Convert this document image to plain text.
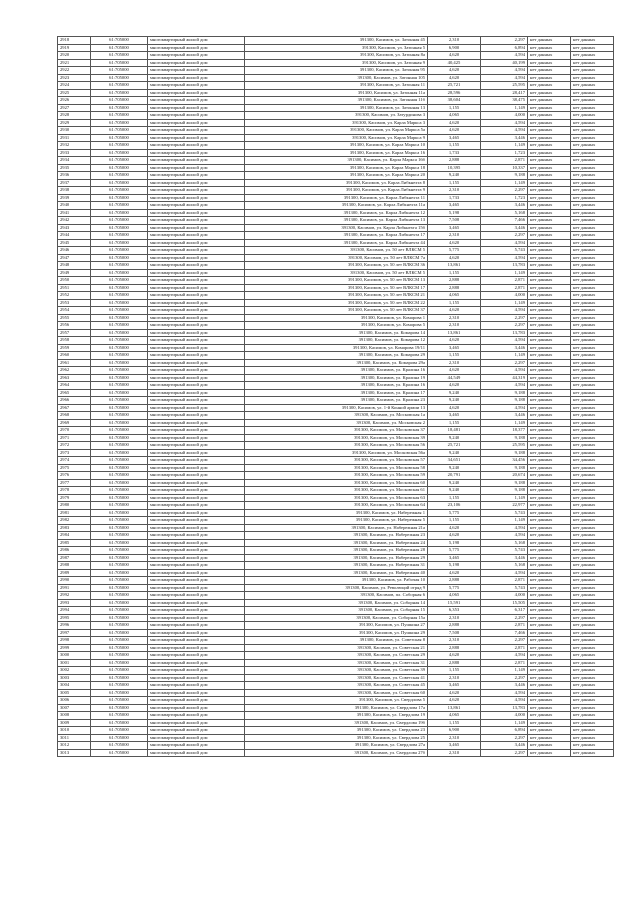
2918	61:705000	многоквартирный жилой дом	391300, Касимов, ул. Затонная 45	2,310	2,297	нет данных	нет данных
2919	61:705000	многоквартирный жилой дом	391300, Касимов, ул. Затонная 5	6,900	6,894	нет данных	нет данных
2920	61:705000	многоквартирный жилой дом	391300, Касимов, ул. Затонная 8а	4,620	4,594	нет данных	нет данных
2921	61:705000	многоквартирный жилой дом	391300, Касимов, ул. Затонная 9	40,425	40,199	нет данных	нет данных
2922	61:705000	многоквартирный жилой дом	391300, Касимов, ул. Затонная 95	4,620	4,594	нет данных	нет данных
2923	61:705000	многоквартирный жилой дом	391300, Касимов, ул. Затонная 105	4,620	4,594	нет данных	нет данных
2924	61:705000	многоквартирный жилой дом	391300, Касимов, ул. Затонная 11	25,721	25,595	нет данных	нет данных
2925	61:705000	многоквартирный жилой дом	391300, Касимов, ул. Затонная 11а	28,596	28,417	нет данных	нет данных
2926	61:705000	многоквартирный жилой дом	391300, Касимов, ул. Затонная 11б	38,604	38,475	нет данных	нет данных
2927	61:705000	многоквартирный жилой дом	391300, Касимов, ул. Затонная 13	1,155	1,149	нет данных	нет данных
2928	61:705000	многоквартирный жилой дом	391300, Касимов, ул. Затурдинова 3	4,065	4,000	нет данных	нет данных
2929	61:705000	многоквартирный жилой дом	391300, Касимов, ул. Карла Маркса 3	4,620	4,594	нет данных	нет данных
2930	61:705000	многоквартирный жилой дом	391300, Касимов, ул. Карла Маркса 5а	4,620	4,594	нет данных	нет данных
2931	61:705000	многоквартирный жилой дом	391300, Касимов, ул. Карла Маркса 9	3,465	3,446	нет данных	нет данных
2932	61:705000	многоквартирный жилой дом	391300, Касимов, ул. Карла Маркса 10	1,155	1,149	нет данных	нет данных
2933	61:705000	многоквартирный жилой дом	391300, Касимов, ул. Карла Маркса 16	1,733	1,723	нет данных	нет данных
2934	61:705000	многоквартирный жилой дом	391300, Касимов, ул. Карла Маркса 16б	2,888	2,871	нет данных	нет данных
2935	61:705000	многоквартирный жилой дом	391300, Касимов, ул. Карла Маркса 18	10,395	10,337	нет данных	нет данных
2936	61:705000	многоквартирный жилой дом	391300, Касимов, ул. Карла Маркса 20	9,240	9,188	нет данных	нет данных
2937	61:705000	многоквартирный жилой дом	391300, Касимов, ул. Карла Либкнехта 8	1,155	1,149	нет данных	нет данных
2938	61:705000	многоквартирный жилой дом	391300, Касимов, ул. Карла Либкнехта 9	2,310	2,297	нет данных	нет данных
2939	61:705000	многоквартирный жилой дом	391300, Касимов, ул. Карла Либкнехта 11	1,733	1,723	нет данных	нет данных
2940	61:705000	многоквартирный жилой дом	391300, Касимов, ул. Карла Либкнехта 11а	3,465	3,446	нет данных	нет данных
2941	61:705000	многоквартирный жилой дом	391300, Касимов, ул. Карла Либкнехта 12	5,198	5,168	нет данных	нет данных
2942	61:705000	многоквартирный жилой дом	391300, Касимов, ул. Карла Либкнехта 13	7,508	7,466	нет данных	нет данных
2943	61:705000	многоквартирный жилой дом	391300, Касимов, ул. Карла Либкнехта 15б	3,465	3,446	нет данных	нет данных
2944	61:705000	многоквартирный жилой дом	391300, Касимов, ул. Карла Либкнехта 17	2,310	2,297	нет данных	нет данных
2945	61:705000	многоквартирный жилой дом	391300, Касимов, ул. Карла Либкнехта 44	4,620	4,594	нет данных	нет данных
2946	61:705000	многоквартирный жилой дом	391300, Касимов, ул. 50 лет ВЛКСМ 5	5,775	5,743	нет данных	нет данных
2947	61:705000	многоквартирный жилой дом	391300, Касимов, ул. 50 лет ВЛКСМ 7а	4,620	4,594	нет данных	нет данных
2948	61:705000	многоквартирный жилой дом	391300, Касимов, ул. 50 лет ВЛКСМ 36	13,861	13,783	нет данных	нет данных
2949	61:705000	многоквартирный жилой дом	391300, Касимов, ул. 50 лет ВЛКСМ 5	1,155	1,149	нет данных	нет данных
2950	61:705000	многоквартирный жилой дом	391300, Касимов, ул. 50 лет ВЛКСМ 13	2,888	2,871	нет данных	нет данных
2951	61:705000	многоквартирный жилой дом	391300, Касимов, ул. 50 лет ВЛКСМ 17	2,888	2,871	нет данных	нет данных
2952	61:705000	многоквартирный жилой дом	391300, Касимов, ул. 50 лет ВЛКСМ 21	4,065	4,000	нет данных	нет данных
2953	61:705000	многоквартирный жилой дом	391300, Касимов, ул. 50 лет ВЛКСМ 22	1,155	1,149	нет данных	нет данных
2954	61:705000	многоквартирный жилой дом	391300, Касимов, ул. 50 лет ВЛКСМ 37	4,620	4,594	нет данных	нет данных
2955	61:705000	многоквартирный жилой дом	391300, Касимов, ул. Комарова 1	2,310	2,297	нет данных	нет данных
2956	61:705000	многоквартирный жилой дом	391300, Касимов, ул. Комарова 5	2,310	2,297	нет данных	нет данных
2957	61:705000	многоквартирный жилой дом	391300, Касимов, ул. Комарова 14	13,861	13,783	нет данных	нет данных
2958	61:705000	многоквартирный жилой дом	391300, Касимов, ул. Комарова 12	4,620	4,594	нет данных	нет данных
2959	61:705000	многоквартирный жилой дом	391300, Касимов, ул. Комарова 19/11	3,465	3,446	нет данных	нет данных
2960	61:705000	многоквартирный жилой дом	391300, Касимов, ул. Комарова 29	1,155	1,149	нет данных	нет данных
2961	61:705000	многоквартирный жилой дом	391300, Касимов, ул. Комарова 29а	2,310	2,297	нет данных	нет данных
2962	61:705000	многоквартирный жилой дом	391300, Касимов, ул. Кралина 16	4,620	4,594	нет данных	нет данных
2963	61:705000	многоквартирный жилой дом	391300, Касимов, ул. Кралина 19	44,549	44,319	нет данных	нет данных
2964	61:705000	многоквартирный жилой дом	391300, Касимов, ул. Кралина 16	4,620	4,594	нет данных	нет данных
2965	61:705000	многоквартирный жилой дом	391300, Касимов, ул. Кралина 17	9,240	9,188	нет данных	нет данных
2966	61:705000	многоквартирный жилой дом	391300, Касимов, ул. Кралина 23	9,240	9,188	нет данных	нет данных
2967	61:705000	многоквартирный жилой дом	391300, Касимов, ул. 1-й Конной армии 13	4,620	4,594	нет данных	нет данных
2968	61:705000	многоквартирный жилой дом	391300, Касимов, ул. Московская 1а	3,465	3,446	нет данных	нет данных
2969	61:705000	многоквартирный жилой дом	391300, Касимов, ул. Московская 2	1,155	1,149	нет данных	нет данных
2970	61:705000	многоквартирный жилой дом	391300, Касимов, ул. Московская 37	18,481	18,377	нет данных	нет данных
2971	61:705000	многоквартирный жилой дом	391300, Касимов, ул. Московская 39	9,240	9,188	нет данных	нет данных
2972	61:705000	многоквартирный жилой дом	391300, Касимов, ул. Московская 56	25,721	25,595	нет данных	нет данных
2973	61:705000	многоквартирный жилой дом	391300, Касимов, ул. Московская 56а	9,240	9,188	нет данных	нет данных
2974	61:705000	многоквартирный жилой дом	391300, Касимов, ул. Московская 57	34,651	34,456	нет данных	нет данных
2975	61:705000	многоквартирный жилой дом	391300, Касимов, ул. Московская 58	9,240	9,188	нет данных	нет данных
2976	61:705000	многоквартирный жилой дом	391300, Касимов, ул. Московская 59	20,791	20,674	нет данных	нет данных
2977	61:705000	многоквартирный жилой дом	391300, Касимов, ул. Московская 60	9,240	9,188	нет данных	нет данных
2978	61:705000	многоквартирный жилой дом	391300, Касимов, ул. Московская 61	9,240	9,188	нет данных	нет данных
2979	61:705000	многоквартирный жилой дом	391300, Касимов, ул. Московская 63	1,155	1,149	нет данных	нет данных
2980	61:705000	многоквартирный жилой дом	391300, Касимов, ул. Московская 64	23,106	22,977	нет данных	нет данных
2981	61:705000	многоквартирный жилой дом	391300, Касимов, ул. Набережная 1	5,775	5,743	нет данных	нет данных
2982	61:705000	многоквартирный жилой дом	391300, Касимов, ул. Набережная 5	1,155	1,149	нет данных	нет данных
2983	61:705000	многоквартирный жилой дом	391300, Касимов, ул. Набережная 21а	4,620	4,594	нет данных	нет данных
2984	61:705000	многоквартирный жилой дом	391300, Касимов, ул. Набережная 23	4,620	4,594	нет данных	нет данных
2985	61:705000	многоквартирный жилой дом	391300, Касимов, ул. Набережная 24	5,198	5,168	нет данных	нет данных
2986	61:705000	многоквартирный жилой дом	391300, Касимов, ул. Набережная 28	5,775	5,743	нет данных	нет данных
2987	61:705000	многоквартирный жилой дом	391300, Касимов, ул. Набережная 29	3,465	3,446	нет данных	нет данных
2988	61:705000	многоквартирный жилой дом	391300, Касимов, ул. Набережная 31	5,198	5,168	нет данных	нет данных
2989	61:705000	многоквартирный жилой дом	391300, Касимов, ул. Набережная 40	4,620	4,594	нет данных	нет данных
2990	61:705000	многоквартирный жилой дом	391300, Касимов, ул. Рабочая 10	2,888	2,871	нет данных	нет данных
2991	61:705000	многоквартирный жилой дом	391300, Касимов, ул. Революций отряд 9	5,775	5,743	нет данных	нет данных
2992	61:705000	многоквартирный жилой дом	391300, Касимов, пл. Соборная 6	4,065	4,000	нет данных	нет данных
2993	61:705000	многоквартирный жилой дом	391300, Касимов, ул. Соборная 14	15,591	15,505	нет данных	нет данных
2994	61:705000	многоквартирный жилой дом	391300, Касимов, ул. Соборная 15	6,353	6,317	нет данных	нет данных
2995	61:705000	многоквартирный жилой дом	391300, Касимов, ул. Соборная 15а	2,310	2,297	нет данных	нет данных
2996	61:705000	многоквартирный жилой дом	391300, Касимов, ул. Пушкина 27	2,888	2,871	нет данных	нет данных
2997	61:705000	многоквартирный жилой дом	391300, Касимов, ул. Пушкина 29	7,508	7,466	нет данных	нет данных
2998	61:705000	многоквартирный жилой дом	391300, Касимов, ул. Советская 8	2,310	2,297	нет данных	нет данных
2999	61:705000	многоквартирный жилой дом	391300, Касимов, ул. Советская 21	2,888	2,871	нет данных	нет данных
3000	61:705000	многоквартирный жилой дом	391300, Касимов, ул. Советская 29	4,620	4,594	нет данных	нет данных
3001	61:705000	многоквартирный жилой дом	391300, Касимов, ул. Советская 31	2,888	2,871	нет данных	нет данных
3002	61:705000	многоквартирный жилой дом	391300, Касимов, ул. Советская 39	1,155	1,149	нет данных	нет данных
3003	61:705000	многоквартирный жилой дом	391300, Касимов, ул. Советская 41	2,310	2,297	нет данных	нет данных
3004	61:705000	многоквартирный жилой дом	391300, Касимов, ул. Советская 45	3,465	3,446	нет данных	нет данных
3005	61:705000	многоквартирный жилой дом	391300, Касимов, ул. Советская 60	4,620	4,594	нет данных	нет данных
3006	61:705000	многоквартирный жилой дом	391300, Касимов, ул. Свердлова 5	4,620	4,594	нет данных	нет данных
3007	61:705000	многоквартирный жилой дом	391300, Касимов, ул. Свердлова 17а	13,861	13,783	нет данных	нет данных
3008	61:705000	многоквартирный жилой дом	391300, Касимов, ул. Свердлова 19	4,065	4,000	нет данных	нет данных
3009	61:705000	многоквартирный жилой дом	391300, Касимов, ул. Свердлова 19б	1,155	1,149	нет данных	нет данных
3010	61:705000	многоквартирный жилой дом	391300, Касимов, ул. Свердлова 23	6,900	6,894	нет данных	нет данных
3011	61:705000	многоквартирный жилой дом	391300, Касимов, ул. Свердлова 25	2,310	2,297	нет данных	нет данных
3012	61:705000	многоквартирный жилой дом	391300, Касимов, ул. Свердлова 27а	3,465	3,446	нет данных	нет данных
3013	61:705000	многоквартирный жилой дом	391300, Касимов, ул. Свердлова 27б	2,310	2,297	нет данных	нет данных
